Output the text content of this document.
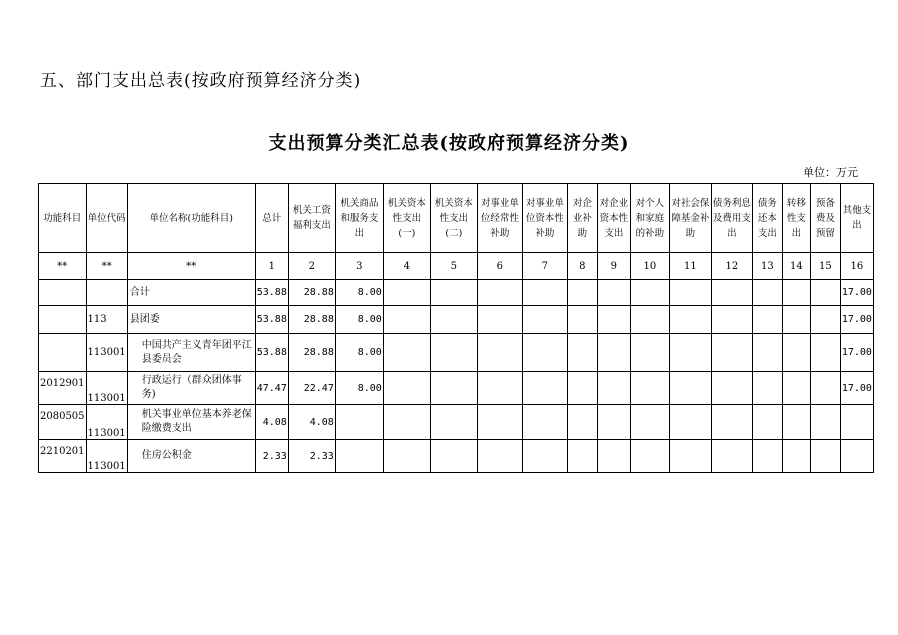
五、部门支出总表(按政府预算经济分类)
支出预算分类汇总表(按政府预算经济分类)
单位：万元
功能科目	单位代码	单位名称(功能科目)	总计	机关工资福利支出	机关商品和服务支出	机关资本性支出(一)	机关资本性支出(二)	对事业单位经常性补助	对事业单位资本性补助	对企业补助	对企业资本性支出	对个人和家庭的补助	对社会保障基金补助	债务利息及费用支出	债务还本支出	转移性支出	预备费及预留	其他支出
**	**	**	1	2	3	4	5	6	7	8	9	10	11	12	13	14	15	16
		合计	53.88	28.88	8.00													17.00
	113	县团委	53.88	28.88	8.00													17.00
	113001	中国共产主义青年团平江县委员会	53.88	28.88	8.00													17.00
2012901	113001	行政运行（群众团体事务)	47.47	22.47	8.00													17.00
2080505	113001	机关事业单位基本养老保险缴费支出	4.08	4.08														
2210201	113001	住房公积金	2.33	2.33														
